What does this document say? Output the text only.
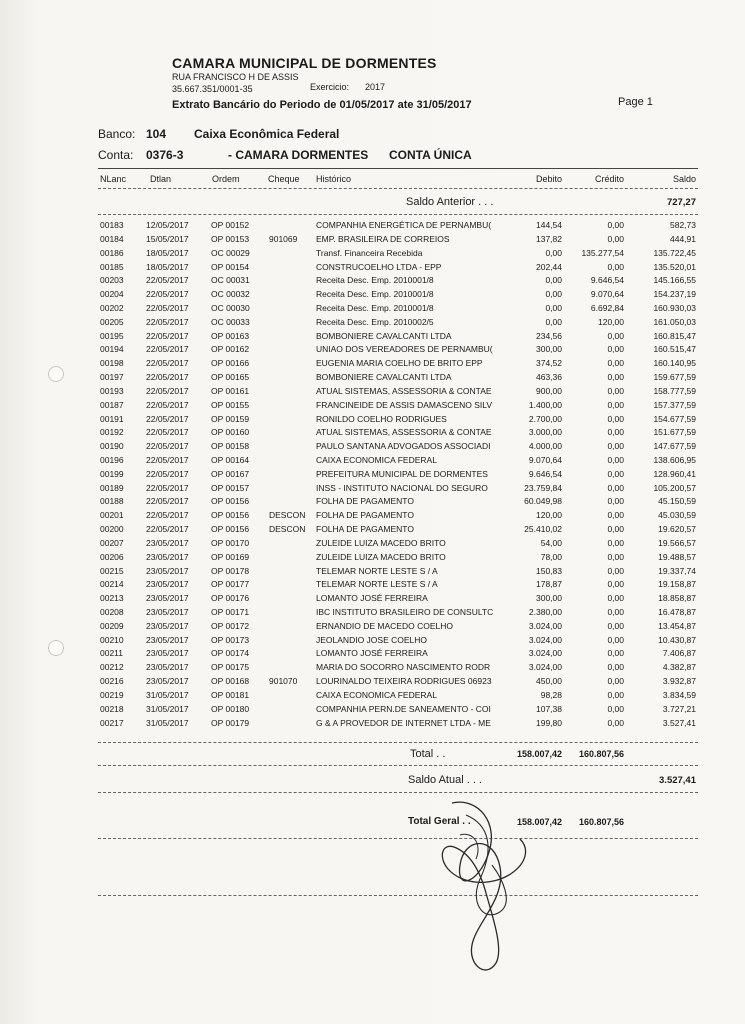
CAMARA MUNICIPAL DE DORMENTES
RUA FRANCISCO H DE ASSIS
35.667.351/0001-35	Exercicio: 2017
Extrato Bancário do Periodo de 01/05/2017 ate 31/05/2017	Page 1
Banco: 104 Caixa Econômica Federal
Conta: 0376-3	- CAMARA DORMENTES CONTA ÚNICA
NLanc	Dtlan	Ordem	Cheque Histórico	Debito	Crédito	Saldo
Saldo Anterior . . .	727,27
00183	12/05/2017	OP 00152	COMPANHIA ENERGÉTICA DE PERNAMBU(	144,54	0,00	582,73
00184	15/05/2017	OP 00153	901069	EMP. BRASILEIRA DE CORREIOS	137,82	0,00	444,91
00186	18/05/2017	OC 00029	Transf. Financeira Recebida	0,00	135.277,54	135.722,45
00185	18/05/2017	OP 00154	CONSTRUCOELHO LTDA - EPP	202,44	0,00	135.520,01
00203	22/05/2017	OC 00031	Receita Desc. Emp. 2010001/8	0,00	9.646,54	145.166,55
00204	22/05/2017	OC 00032	Receita Desc. Emp. 2010001/8	0,00	9.070,64	154.237,19
00202	22/05/2017	OC 00030	Receita Desc. Emp. 2010001/8	0,00	6.692,84	160.930,03
00205	22/05/2017	OC 00033	Receita Desc. Emp. 2010002/5	0,00	120,00	161.050,03
00195	22/05/2017	OP 00163	BOMBONIERE CAVALCANTI LTDA	234,56	0,00	160.815,47
00194	22/05/2017	OP 00162	UNIAO DOS VEREADORES DE PERNAMBU(	300,00	0,00	160.515,47
00198	22/05/2017	OP 00166	EUGENIA MARIA COELHO DE BRITO EPP	374,52	0,00	160.140,95
00197	22/05/2017	OP 00165	BOMBONIERE CAVALCANTI LTDA	463,36	0,00	159.677,59
00193	22/05/2017	OP 00161	ATUAL SISTEMAS, ASSESSORIA & CONTAE	900,00	0,00	158.777,59
00187	22/05/2017	OP 00155	FRANCINEIDE DE ASSIS DAMASCENO SILV	1.400,00	0,00	157.377,59
00191	22/05/2017	OP 00159	RONILDO COELHO RODRIGUES	2.700,00	0,00	154.677,59
00192	22/05/2017	OP 00160	ATUAL SISTEMAS, ASSESSORIA & CONTAE	3.000,00	0,00	151.677,59
00190	22/05/2017	OP 00158	PAULO SANTANA ADVOGADOS ASSOCIADI	4.000,00	0,00	147.677,59
00196	22/05/2017	OP 00164	CAIXA ECONOMICA FEDERAL	9.070,64	0,00	138.606,95
00199	22/05/2017	OP 00167	PREFEITURA MUNICIPAL DE DORMENTES	9.646,54	0,00	128.960,41
00189	22/05/2017	OP 00157	INSS - INSTITUTO NACIONAL DO SEGURO	23.759,84	0,00	105.200,57
00188	22/05/2017	OP 00156	FOLHA DE PAGAMENTO	60.049,98	0,00	45.150,59
00201	22/05/2017	OP 00156	DESCON	FOLHA DE PAGAMENTO	120,00	0,00	45.030,59
00200	22/05/2017	OP 00156	DESCON	FOLHA DE PAGAMENTO	25.410,02	0,00	19.620,57
00207	23/05/2017	OP 00170	ZULEIDE LUIZA MACEDO BRITO	54,00	0,00	19.566,57
00206	23/05/2017	OP 00169	ZULEIDE LUIZA MACEDO BRITO	78,00	0,00	19.488,57
00215	23/05/2017	OP 00178	TELEMAR NORTE LESTE S / A	150,83	0,00	19.337,74
00214	23/05/2017	OP 00177	TELEMAR NORTE LESTE S / A	178,87	0,00	19.158,87
00213	23/05/2017	OP 00176	LOMANTO JOSÉ FERREIRA	300,00	0,00	18.858,87
00208	23/05/2017	OP 00171	IBC INSTITUTO BRASILEIRO DE CONSULTC	2.380,00	0,00	16.478,87
00209	23/05/2017	OP 00172	ERNANDIO DE MACEDO COELHO	3.024,00	0,00	13.454,87
00210	23/05/2017	OP 00173	JEOLANDIO JOSE COELHO	3.024,00	0,00	10.430,87
00211	23/05/2017	OP 00174	LOMANTO JOSÉ FERREIRA	3.024,00	0,00	7.406,87
00212	23/05/2017	OP 00175	MARIA DO SOCORRO NASCIMENTO RODR	3.024,00	0,00	4.382,87
00216	23/05/2017	OP 00168	901070	LOURINALDO TEIXEIRA RODRIGUES 06923	450,00	0,00	3.932,87
00219	31/05/2017	OP 00181	CAIXA ECONOMICA FEDERAL	98,28	0,00	3.834,59
00218	31/05/2017	OP 00180	COMPANHIA PERN.DE SANEAMENTO - COI	107,38	0,00	3.727,21
00217	31/05/2017	OP 00179	G & A PROVEDOR DE INTERNET LTDA - ME	199,80	0,00	3.527,41
Total . .	158.007,42	160.807,56
Saldo Atual . . .	3.527,41
Total Geral . .	158.007,42	160.807,56
